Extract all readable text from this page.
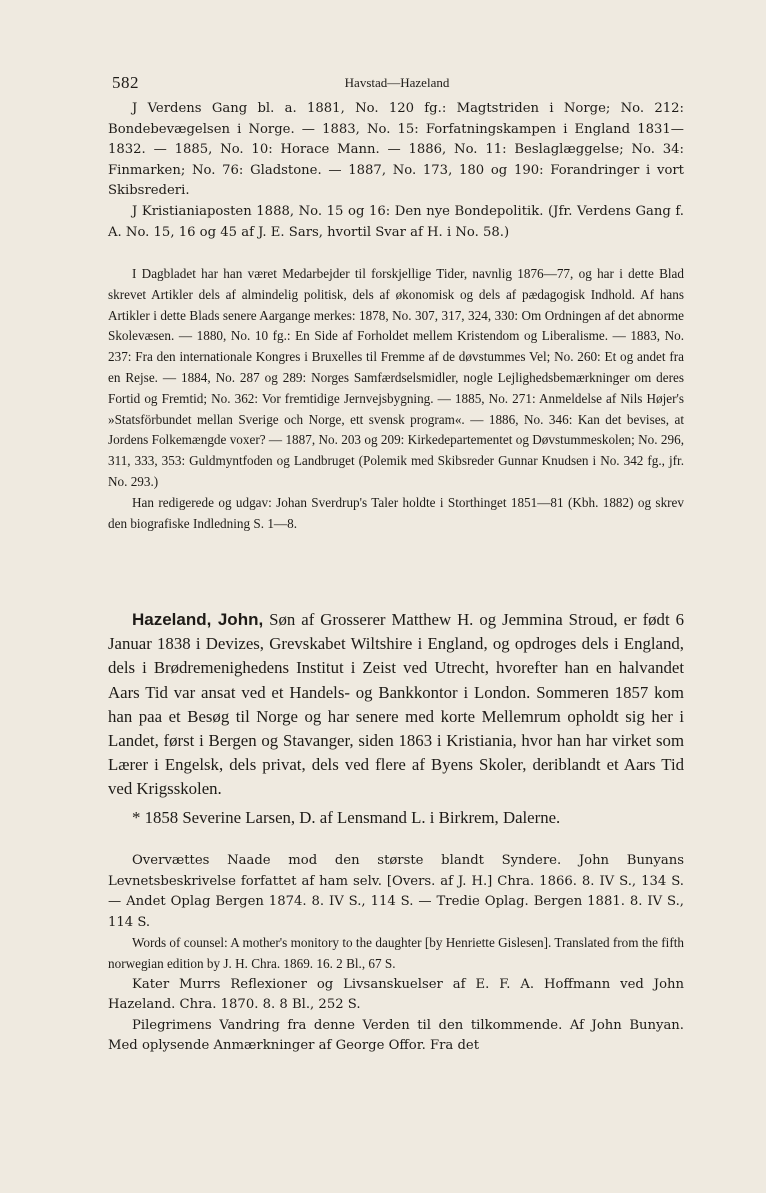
582	Havstad—Hazeland

J Verdens Gang bl. a. 1881, No. 120 fg.: Magtstriden i Norge; No. 212: Bondebevægelsen i Norge. — 1883, No. 15: Forfatningskampen i England 1831—1832. — 1885, No. 10: Horace Mann. — 1886, No. 11: Beslaglæggelse; No. 34: Finmarken; No. 76: Gladstone. — 1887, No. 173, 180 og 190: Forandringer i vort Skibsrederi.

J Kristianiaposten 1888, No. 15 og 16: Den nye Bondepolitik. (Jfr. Verdens Gang f. A. No. 15, 16 og 45 af J. E. Sars, hvortil Svar af H. i No. 58.)

I Dagbladet har han været Medarbejder til forskjellige Tider, navnlig 1876—77, og har i dette Blad skrevet Artikler dels af almindelig politisk, dels af økonomisk og dels af pædagogisk Indhold. Af hans Artikler i dette Blads senere Aargange merkes: 1878, No. 307, 317, 324, 330: Om Ordningen af det abnorme Skolevæsen. — 1880, No. 10 fg.: En Side af Forholdet mellem Kristendom og Liberalisme. — 1883, No. 237: Fra den internationale Kongres i Bruxelles til Fremme af de døvstummes Vel; No. 260: Et og andet fra en Rejse. — 1884, No. 287 og 289: Norges Samfærdselsmidler, nogle Lejlighedsbemærkninger om deres Fortid og Fremtid; No. 362: Vor fremtidige Jernvejsbygning. — 1885, No. 271: Anmeldelse af Nils Højer's »Statsförbundet mellan Sverige och Norge, ett svensk program«. — 1886, No. 346: Kan det bevises, at Jordens Folkemængde voxer? — 1887, No. 203 og 209: Kirkedepartementet og Døvstummeskolen; No. 296, 311, 333, 353: Guldmyntfoden og Landbruget (Polemik med Skibsreder Gunnar Knudsen i No. 342 fg., jfr. No. 293.)

Han redigerede og udgav: Johan Sverdrup's Taler holdte i Storthinget 1851—81 (Kbh. 1882) og skrev den biografiske Indledning S. 1—8.

Hazeland, John, Søn af Grosserer Matthew H. og Jemmina Stroud, er født 6 Januar 1838 i Devizes, Grevskabet Wiltshire i England, og opdroges dels i England, dels i Brødremenighedens Institut i Zeist ved Utrecht, hvorefter han en halvandet Aars Tid var ansat ved et Handels- og Bankkontor i London. Sommeren 1857 kom han paa et Besøg til Norge og har senere med korte Mellemrum opholdt sig her i Landet, først i Bergen og Stavanger, siden 1863 i Kristiania, hvor han har virket som Lærer i Engelsk, dels privat, dels ved flere af Byens Skoler, deriblandt et Aars Tid ved Krigsskolen.

* 1858 Severine Larsen, D. af Lensmand L. i Birkrem, Dalerne.

Overvættes Naade mod den største blandt Syndere. John Bunyans Levnetsbeskrivelse forfattet af ham selv. [Overs. af J. H.] Chra. 1866. 8. IV S., 134 S. — Andet Oplag Bergen 1874. 8. IV S., 114 S. — Tredie Oplag. Bergen 1881. 8. IV S., 114 S.

Words of counsel: A mother's monitory to the daughter [by Henriette Gislesen]. Translated from the fifth norwegian edition by J. H. Chra. 1869. 16. 2 Bl., 67 S.

Kater Murrs Reflexioner og Livsanskuelser af E. F. A. Hoffmann ved John Hazeland. Chra. 1870. 8. 8 Bl., 252 S.

Pilegrimens Vandring fra denne Verden til den tilkommende. Af John Bunyan. Med oplysende Anmærkninger af George Offor. Fra det
